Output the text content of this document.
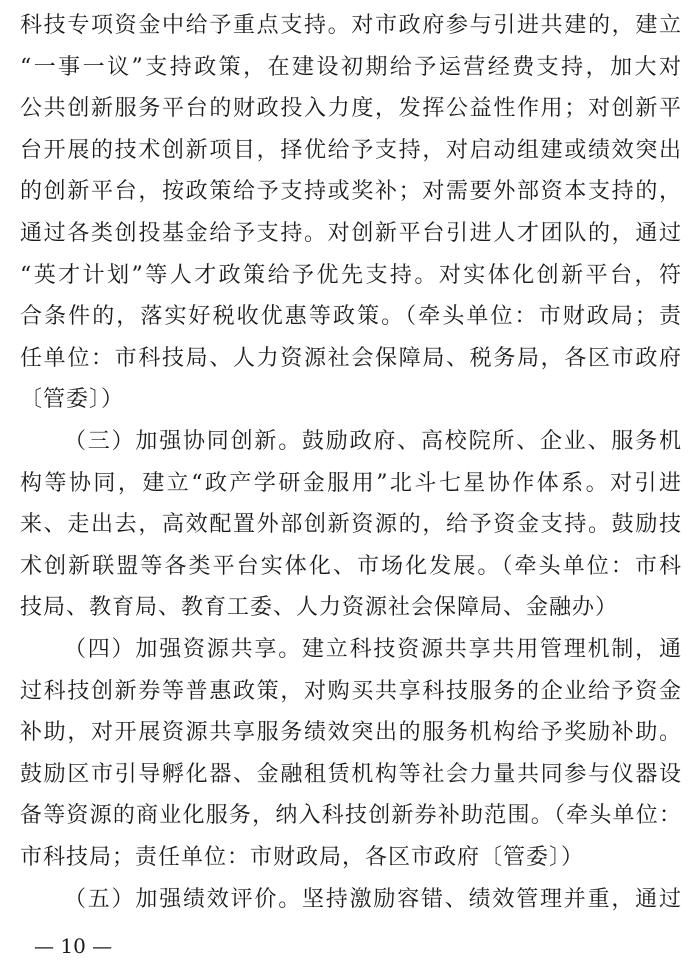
科技专项资金中给予重点支持。对市政府参与引进共建的，建立
“一事一议”支持政策，在建设初期给予运营经费支持，加大对
公共创新服务平台的财政投入力度，发挥公益性作用；对创新平
台开展的技术创新项目，择优给予支持，对启动组建或绩效突出
的创新平台，按政策给予支持或奖补；对需要外部资本支持的，
通过各类创投基金给予支持。对创新平台引进人才团队的，通过
“英才计划”等人才政策给予优先支持。对实体化创新平台，符
合条件的，落实好税收优惠等政策。（牵头单位：市财政局；责
任单位：市科技局、人力资源社会保障局、税务局，各区市政府
〔管委〕）
（三）加强协同创新。鼓励政府、高校院所、企业、服务机
构等协同，建立“政产学研金服用”北斗七星协作体系。对引进
来、走出去，高效配置外部创新资源的，给予资金支持。鼓励技
术创新联盟等各类平台实体化、市场化发展。（牵头单位：市科
技局、教育局、教育工委、人力资源社会保障局、金融办）
（四）加强资源共享。建立科技资源共享共用管理机制，通
过科技创新券等普惠政策，对购买共享科技服务的企业给予资金
补助，对开展资源共享服务绩效突出的服务机构给予奖励补助。
鼓励区市引导孵化器、金融租赁机构等社会力量共同参与仪器设
备等资源的商业化服务，纳入科技创新券补助范围。（牵头单位：
市科技局；责任单位：市财政局，各区市政府〔管委〕）
（五）加强绩效评价。坚持激励容错、绩效管理并重，通过
— 10 —
